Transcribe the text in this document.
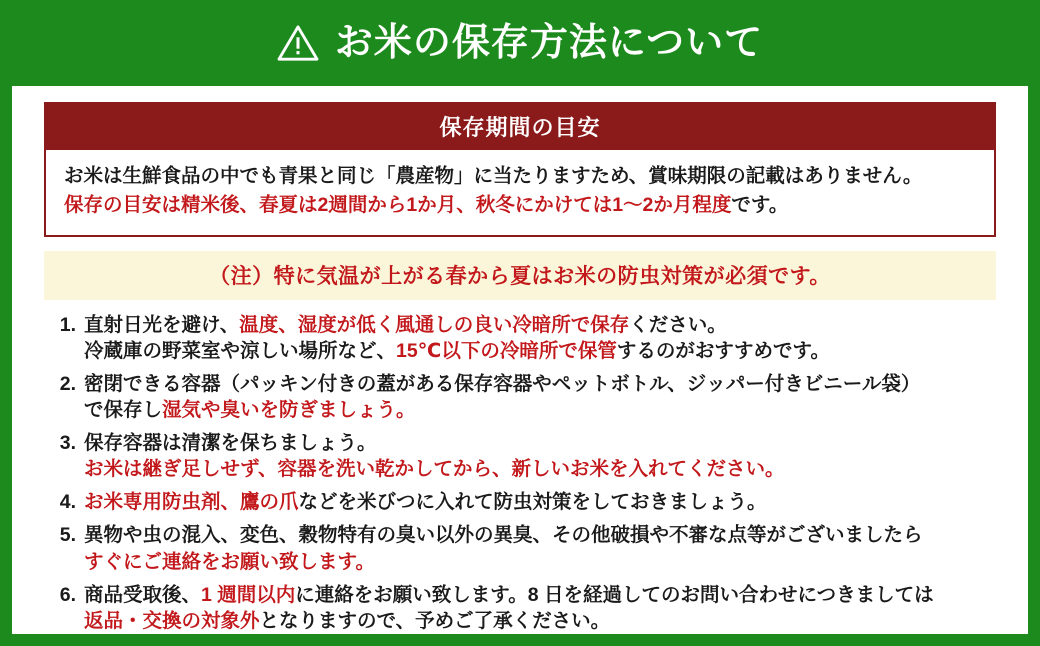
お米の保存方法について
保存期間の目安

お米は生鮮食品の中でも青果と同じ「農産物」に当たりますため、賞味期限の記載はありません。

保存の目安は精米後、春夏は2週間から1か月、秋冬にかけては1〜2か月程度です。

（注）特に気温が上がる春から夏はお米の防虫対策が必須です。
1. 直射日光を避け、温度、湿度が低く風通しの良い冷暗所で保存ください。
冷蔵庫の野菜室や涼しい場所など、15℃以下の冷暗所で保管するのがおすすめです。
2. 密閉できる容器（パッキン付きの蓋がある保存容器やペットボトル、ジッパー付きビニール袋）
で保存し湿気や臭いを防ぎましょう。
3. 保存容器は清潔を保ちましょう。
お米は継ぎ足しせず、容器を洗い乾かしてから、新しいお米を入れてください。
4. お米専用防虫剤、鷹の爪などを米びつに入れて防虫対策をしておきましょう。
5. 異物や虫の混入、変色、穀物特有の臭い以外の異臭、その他破損や不審な点等がございましたら
すぐにご連絡をお願い致します。
6. 商品受取後、1 週間以内に連絡をお願い致します。8 日を経過してのお問い合わせにつきましては
返品・交換の対象外となりますので、予めご了承ください。
